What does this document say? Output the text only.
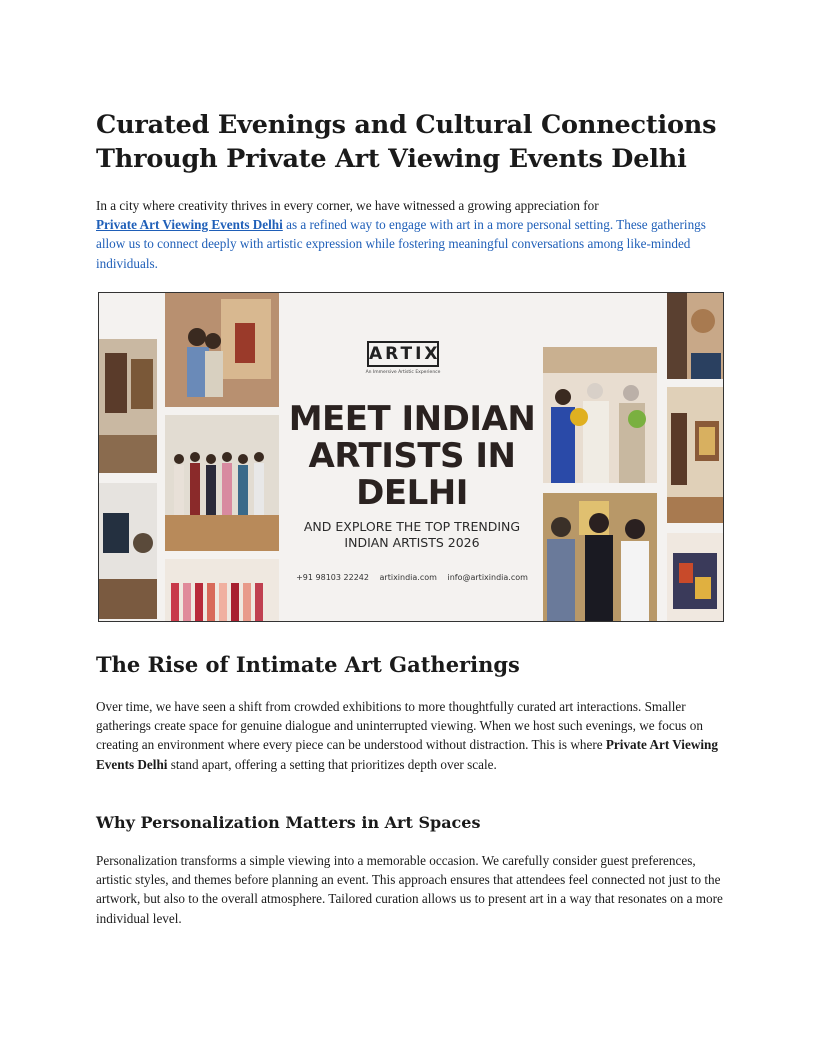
Curated Evenings and Cultural Connections Through Private Art Viewing Events Delhi

In a city where creativity thrives in every corner, we have witnessed a growing appreciation for
Private Art Viewing Events Delhi as a refined way to engage with art in a more personal setting. These gatherings allow us to connect deeply with artistic expression while fostering meaningful conversations among like-minded individuals.

The Rise of Intimate Art Gatherings

Over time, we have seen a shift from crowded exhibitions to more thoughtfully curated art interactions. Smaller gatherings create space for genuine dialogue and uninterrupted viewing. When we host such evenings, we focus on creating an environment where every piece can be understood without distraction. This is where Private Art Viewing Events Delhi stand apart, offering a setting that prioritizes depth over scale.

Why Personalization Matters in Art Spaces

Personalization transforms a simple viewing into a memorable occasion. We carefully consider guest preferences, artistic styles, and themes before planning an event. This approach ensures that attendees feel connected not just to the artwork, but also to the overall atmosphere. Tailored curation allows us to present art in a way that resonates on a more individual level.

ARTIX
An Immersive Artistic Experience
MEET INDIAN ARTISTS IN DELHI
AND EXPLORE THE TOP TRENDING INDIAN ARTISTS 2026
+91 98103 22242 artixindia.com info@artixindia.com
